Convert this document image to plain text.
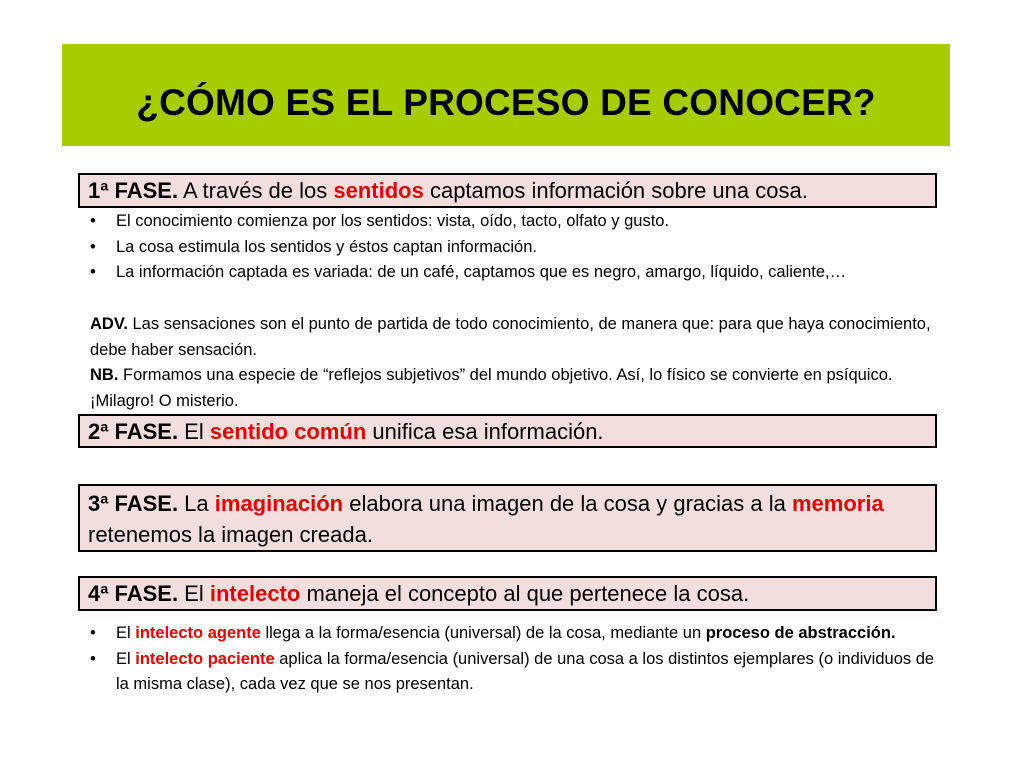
¿CÓMO ES EL PROCESO DE CONOCER?
1ª FASE. A través de los sentidos captamos información sobre una cosa.
• El conocimiento comienza por los sentidos: vista, oído, tacto, olfato y gusto.
• La cosa estimula los sentidos y éstos captan información.
• La información captada es variada: de un café, captamos que es negro, amargo, líquido, caliente,…

ADV. Las sensaciones son el punto de partida de todo conocimiento, de manera que: para que haya conocimiento, debe haber sensación.

NB. Formamos una especie de “reflejos subjetivos” del mundo objetivo. Así, lo físico se convierte en psíquico. ¡Milagro! O misterio.

2ª FASE. El sentido común unifica esa información.
3ª FASE. La imaginación elabora una imagen de la cosa y gracias a la memoria retenemos la imagen creada.
4ª FASE. El intelecto maneja el concepto al que pertenece la cosa.
• El intelecto agente llega a la forma/esencia (universal) de la cosa, mediante un proceso de abstracción.
• El intelecto paciente aplica la forma/esencia (universal) de una cosa a los distintos ejemplares (o individuos de la misma clase), cada vez que se nos presentan.
